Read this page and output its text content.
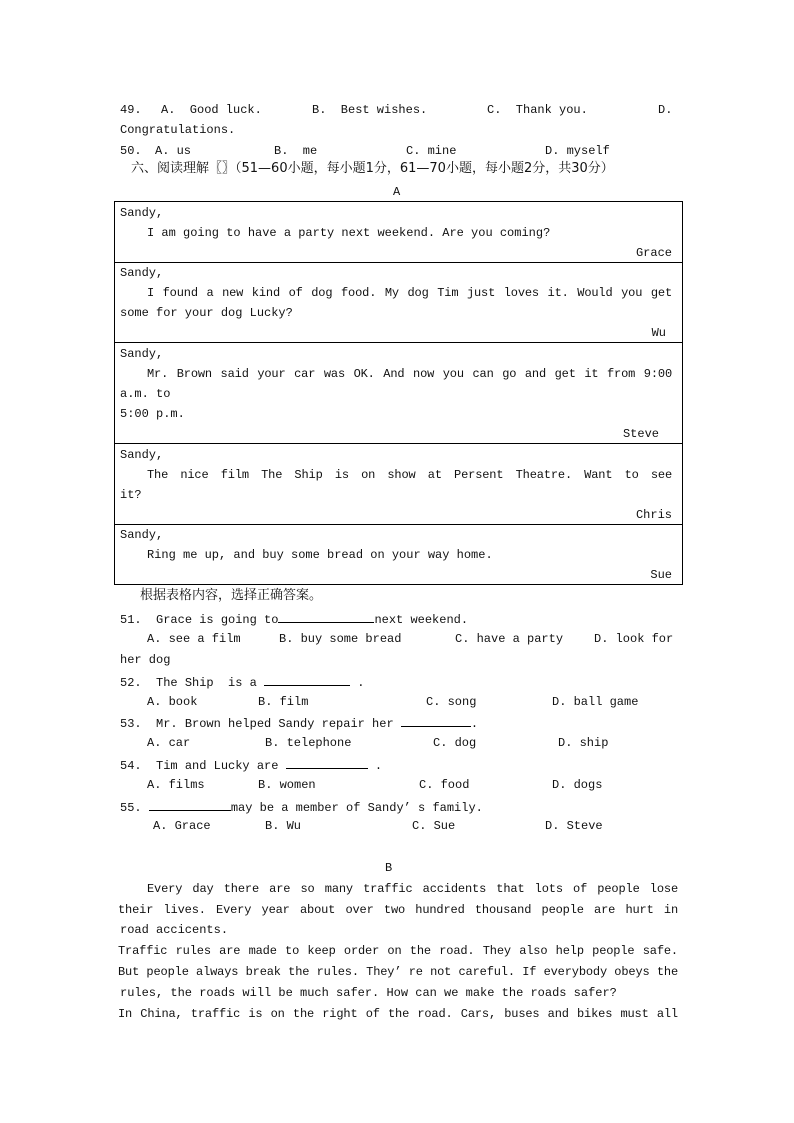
49. A.  Good luck.	B.  Best wishes.	C.  Thank you.	D.
Congratulations.
50. A. us	B.  me	C. mine	D. myself
六、阅读理解〖〗（51—60小题，每小题1分，61—70小题，每小题2分，共30分）
A
Sandy,
I am going to have a party next weekend. Are you coming?
Grace
Sandy,
I found a new kind of dog food. My dog Tim just loves it. Would you get
some for your dog Lucky?
Wu
Sandy,
Mr. Brown said your car was OK. And now you can go and get it from 9:00
a.m. to
5:00 p.m.
Steve
Sandy,
The nice film The Ship is on show at Persent Theatre. Want to see
it?
Chris
Sandy,
Ring me up, and buy some bread on your way home.
Sue
根据表格内容，选择正确答案。
51. Grace is going to	next weekend.
A. see a film	B. buy some bread	C. have a party	D. look for
her dog
52. The Ship  is a	.
A. book	B. film	C. song	D. ball game
53. Mr. Brown helped Sandy repair her	.
A. car	B. telephone	C. dog	D. ship
54. Tim and Lucky are	.
A. films	B. women	C. food	D. dogs
55.	may be a member of Sandy’ s family.
A. Grace	B. Wu	C. Sue	D. Steve
B
Every day there are so many traffic accidents that lots of people lose
their lives. Every year about over two hundred thousand people are hurt in
road accicents.
Traffic rules are made to keep order on the road. They also help people safe.
But people always break the rules. They’ re not careful. If everybody obeys the
rules, the roads will be much safer. How can we make the roads safer?
In China, traffic is on the right of the road. Cars, buses and bikes must all
